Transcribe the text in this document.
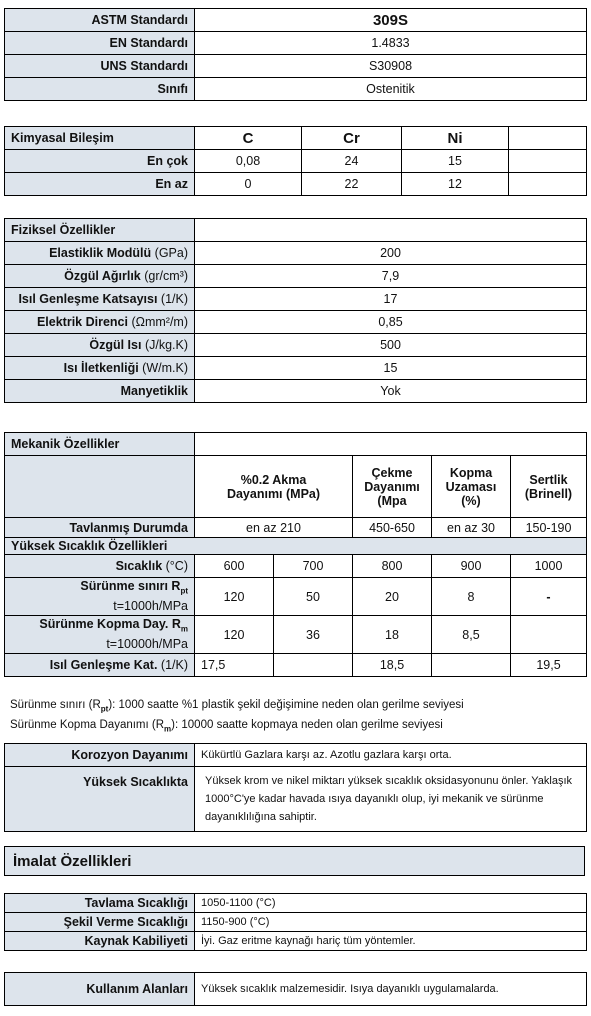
ASTM Standardı	309S
EN Standardı	1.4833
UNS Standardı	S30908
Sınıfı	Ostenitik
Kimyasal Bileşim	C	Cr	Ni	
En çok	0,08	24	15	
En az	0	22	12	
Fiziksel Özellikler	
Elastiklik Modülü (GPa)	200
Özgül Ağırlık (gr/cm³)	7,9
Isıl Genleşme Katsayısı (1/K)	17
Elektrik Direnci (Ωmm²/m)	0,85
Özgül Isı (J/kg.K)	500
Isı İletkenliği (W/m.K)	15
Manyetiklik	Yok
Mekanik Özellikler					
	%0.2 Akma Dayanımı (MPa)		Çekme Dayanımı (Mpa	Kopma Uzaması (%)	Sertlik (Brinell)
Tavlanmış Durumda	en az 210		450-650	en az 30	150-190
Yüksek Sıcaklık Özellikleri					
Sıcaklık (°C)	600	700	800	900	1000
Sürünme sınırı $R_{pt}$
t=1000h/MPa	120	50	20	8	-
Sürünme Kopma Day. $R_m$
t=10000h/MPa	120	36	18	8,5	
Isıl Genleşme Kat. (1/K)	17,5		18,5		19,5
Sürünme sınırı $(R_{pt})$: 1000 saatte %1 plastik şekil değişimine neden olan gerilme seviyesi
Sürünme Kopma Dayanımı $(R_m)$: 10000 saatte kopmaya neden olan gerilme seviyesi
Korozyon Dayanımı	Kükürtlü Gazlara karşı az. Azotlu gazlara karşı orta.
Yüksek Sıcaklıkta	Yüksek krom ve nikel miktarı yüksek sıcaklık oksidasyonunu önler. Yaklaşık 1000°C'ye kadar havada ısıya dayanıklı olup, iyi mekanik ve sürünme dayanıklılığına sahiptir.
İmalat Özellikleri
Tavlama Sıcaklığı	1050-1100 (°C)
Şekil Verme Sıcaklığı	1150-900 (°C)
Kaynak Kabiliyeti	İyi. Gaz eritme kaynağı hariç tüm yöntemler.
Kullanım Alanları	Yüksek sıcaklık malzemesidir. Isıya dayanıklı uygulamalarda.
